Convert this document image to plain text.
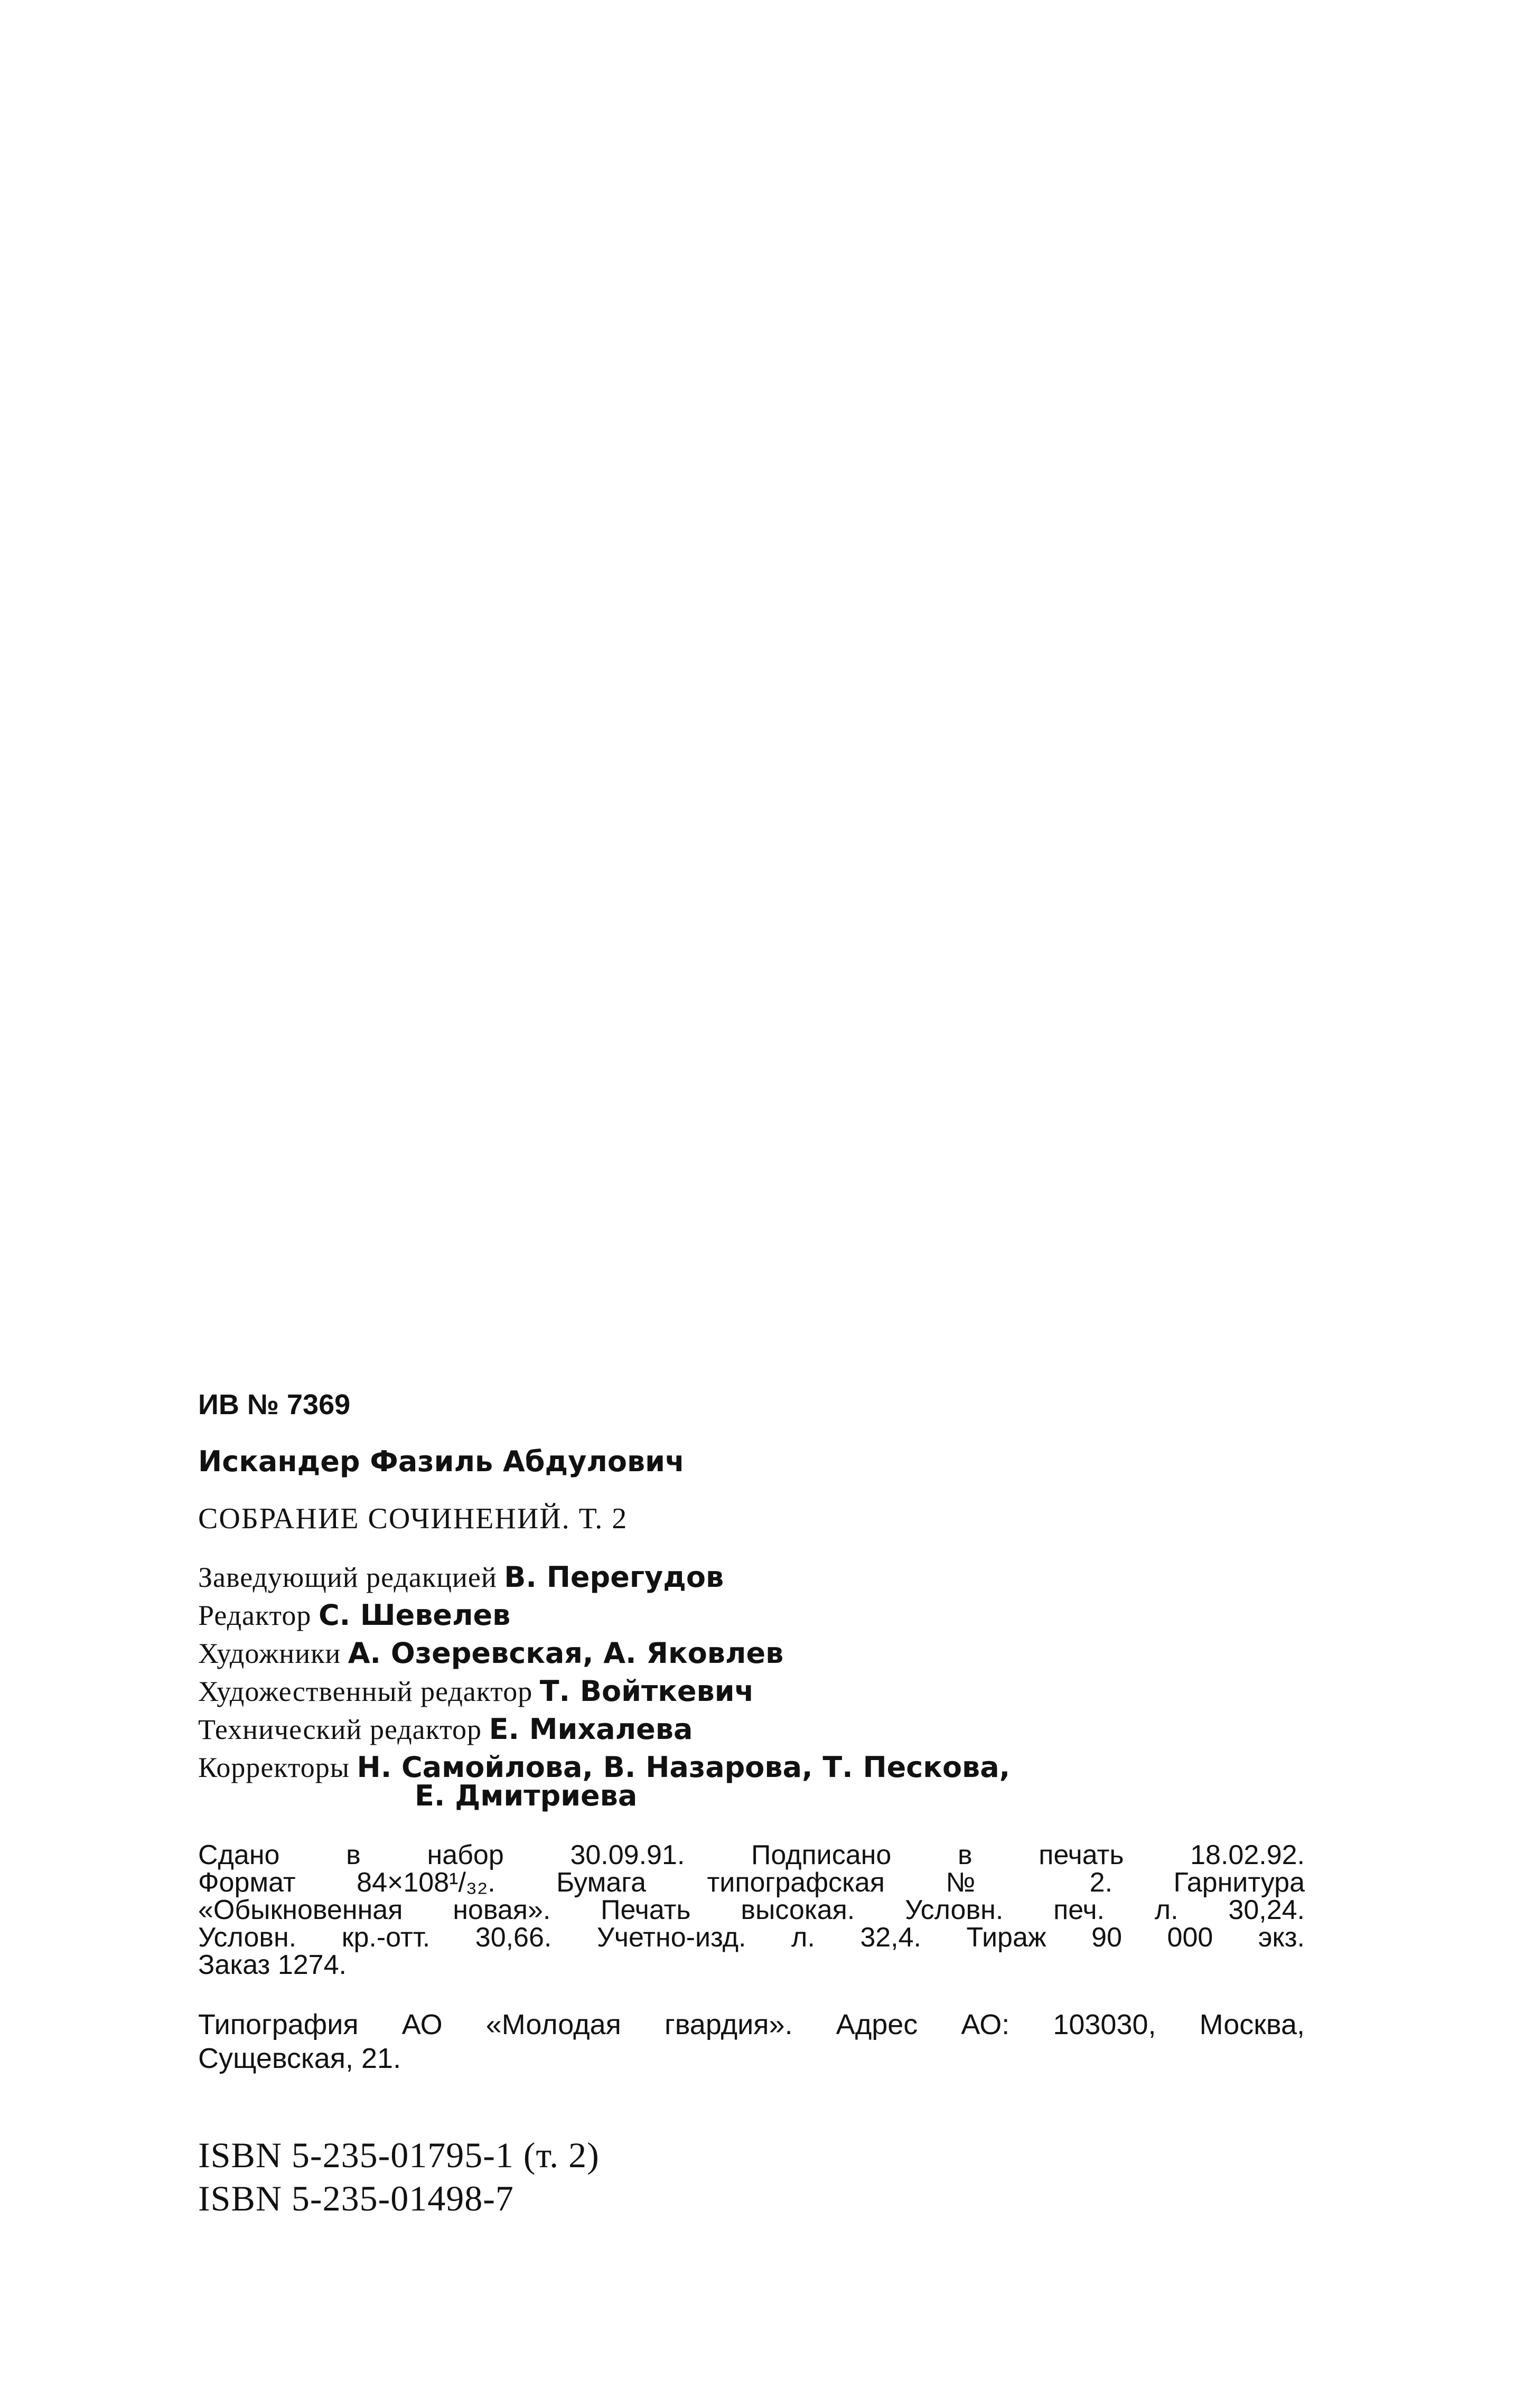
ИВ № 7369
Искандер Фазиль Абдулович
СОБРАНИЕ СОЧИНЕНИЙ. Т. 2
Заведующий редакцией В. Перегудов
Редактор С. Шевелев
Художники А. Озеревская, А. Яковлев
Художественный редактор Т. Войткевич
Технический редактор Е. Михалева
Корректоры Н. Самойлова, В. Назарова, Т. Пескова,
Е. Дмитриева
Сдано в набор 30.09.91. Подписано в печать 18.02.92.
Формат 84×108¹/₃₂. Бумага типографская № 2. Гарнитура
«Обыкновенная новая». Печать высокая. Условн. печ. л. 30,24.
Условн. кр.-отт. 30,66. Учетно-изд. л. 32,4. Тираж 90 000 экз.
Заказ 1274.
Типография АО «Молодая гвардия». Адрес АО: 103030, Москва,
Сущевская, 21.
ISBN 5-235-01795-1 (т. 2)
ISBN 5-235-01498-7
